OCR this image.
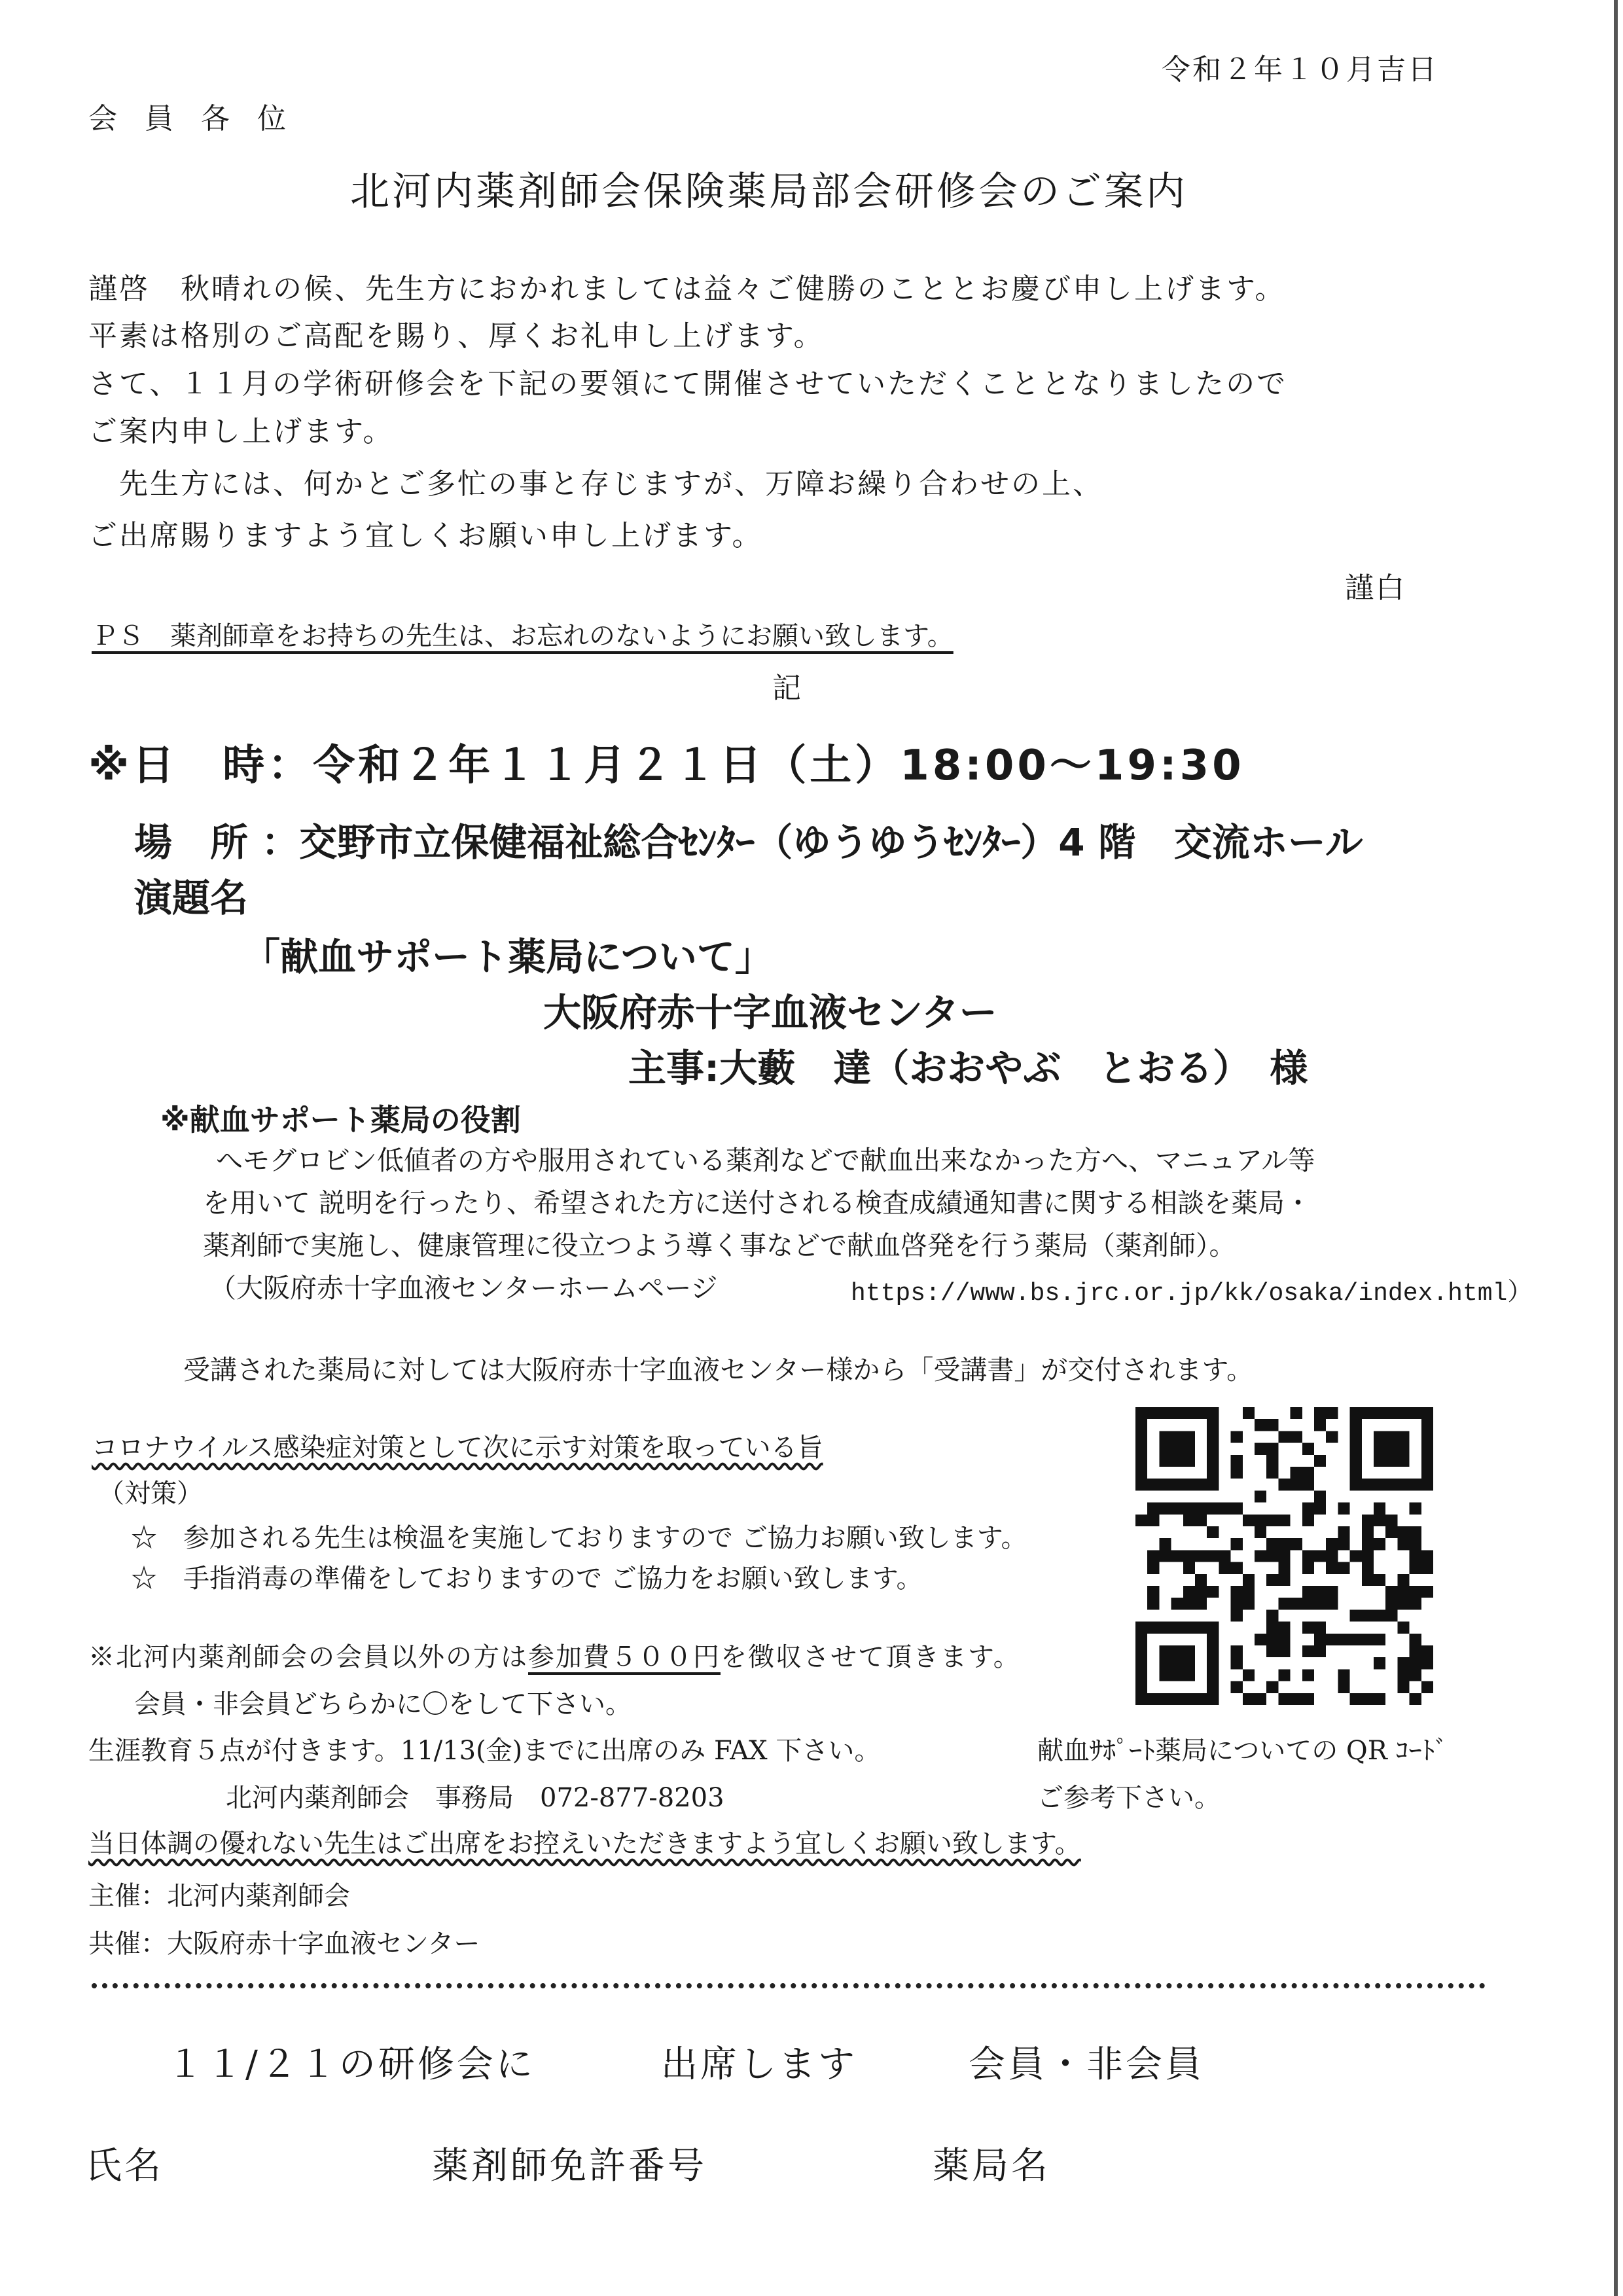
令和２年１０月吉日
会 員 各 位
北河内薬剤師会保険薬局部会研修会のご案内
謹啓　秋晴れの候、先生方におかれましては益々ご健勝のこととお慶び申し上げます。
平素は格別のご高配を賜り、厚くお礼申し上げます。
さて、１１月の学術研修会を下記の要領にて開催させていただくこととなりましたので
ご案内申し上げます。
　先生方には、何かとご多忙の事と存じますが、万障お繰り合わせの上、
ご出席賜りますよう宜しくお願い申し上げます。
謹白
ＰＳ　薬剤師章をお持ちの先生は、お忘れのないようにお願い致します。
記
※日　時：令和２年１１月２１日（土）18:00～19:30
場　所 ：交野市立保健福祉総合ｾﾝﾀｰ（ゆうゆうｾﾝﾀｰ）4 階　交流ホール
演題名
「献血サポート薬局について」
大阪府赤十字血液センター
主事:大藪　達（おおやぶ　とおる）　様
※献血サポート薬局の役割
へモグロビン低値者の方や服用されている薬剤などで献血出来なかった方へ、マニュアル等
を用いて 説明を行ったり、希望された方に送付される検査成績通知書に関する相談を薬局・
薬剤師で実施し、健康管理に役立つよう導く事などで献血啓発を行う薬局（薬剤師）。
（大阪府赤十字血液センターホームページ	https://www.bs.jrc.or.jp/kk/osaka/index.html）
受講された薬局に対しては大阪府赤十字血液センター様から「受講書」が交付されます。
コロナウイルス感染症対策として次に示す対策を取っている旨
（対策）
☆　参加される先生は検温を実施しておりますので ご協力お願い致します。
☆　手指消毒の準備をしておりますので ご協力をお願い致します。
※北河内薬剤師会の会員以外の方は参加費５００円を徴収させて頂きます。
会員・非会員どちらかに〇をして下さい。
生涯教育５点が付きます。11/13(金)までに出席のみ FAX 下さい。
北河内薬剤師会　事務局　072-877-8203
献血ｻﾎﾟｰﾄ薬局についての QR ｺｰﾄﾞ
ご参考下さい。
当日体調の優れない先生はご出席をお控えいただきますよう宜しくお願い致します。
主催：北河内薬剤師会
共催：大阪府赤十字血液センター
１１/２１の研修会に	出席します	会員・非会員
氏名	薬剤師免許番号	薬局名
